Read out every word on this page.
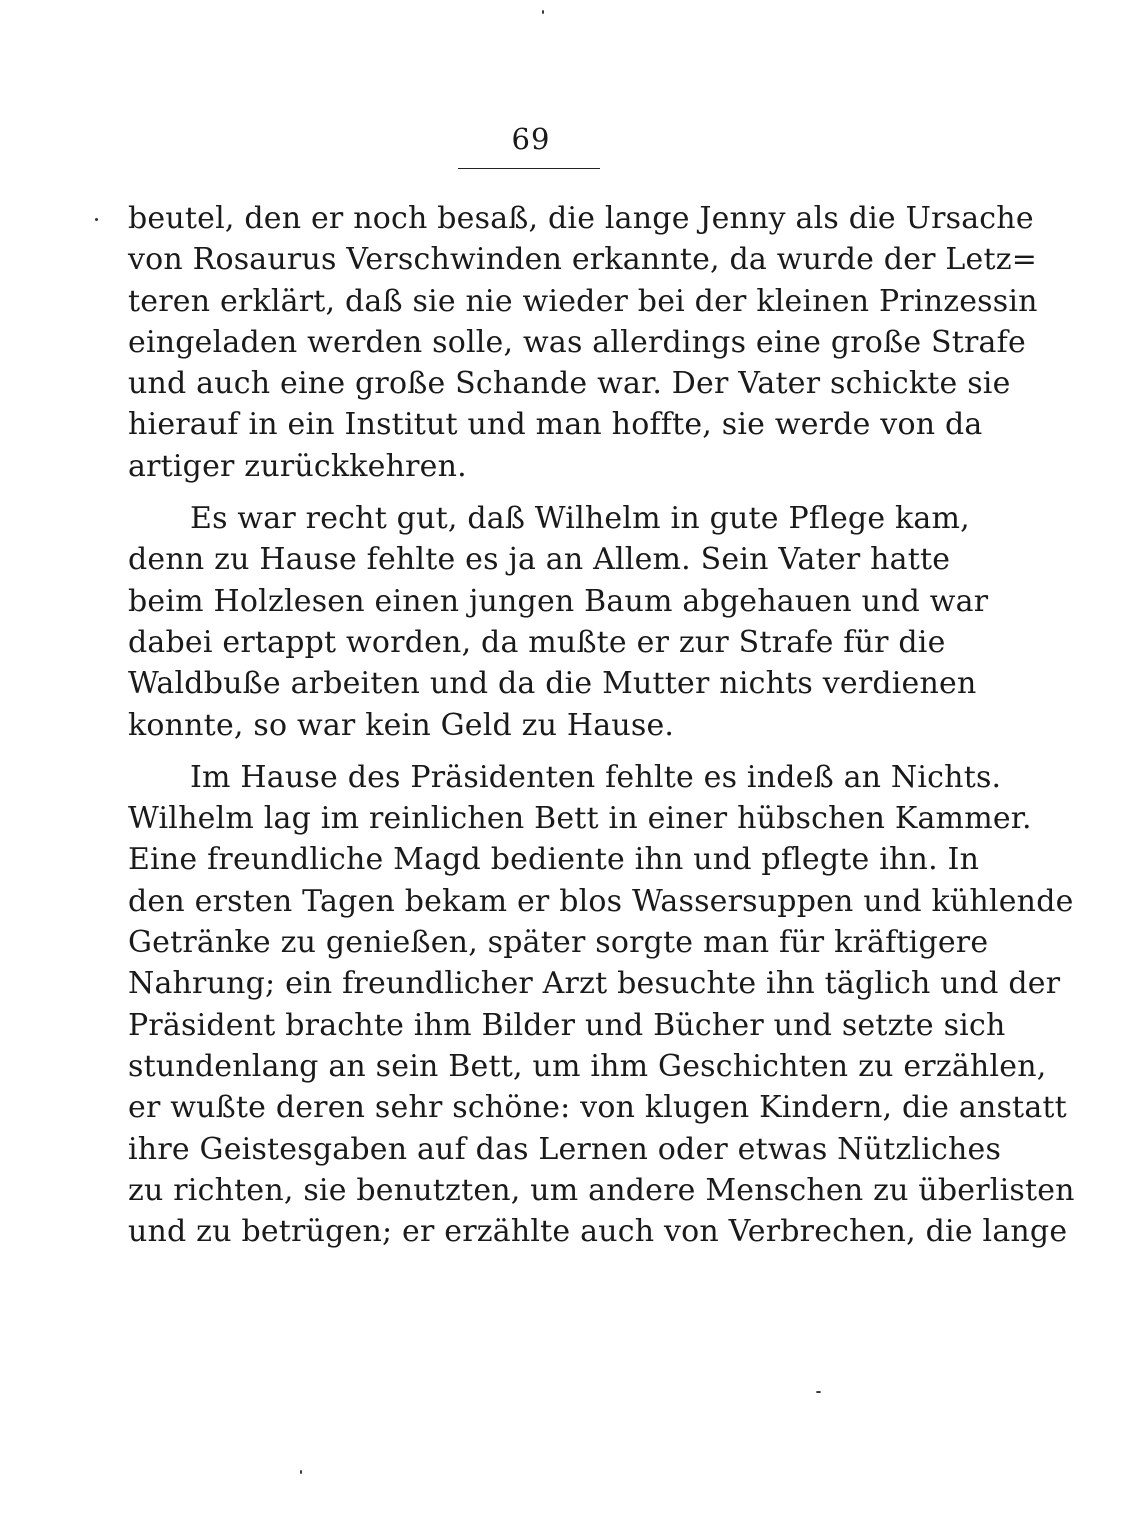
69
beutel, den er noch besaß, die lange Jenny als die Ursache
von Rosaurus Verschwinden erkannte, da wurde der Letz=
teren erklärt, daß sie nie wieder bei der kleinen Prinzessin
eingeladen werden solle, was allerdings eine große Strafe
und auch eine große Schande war. Der Vater schickte sie
hierauf in ein Institut und man hoffte, sie werde von da
artiger zurückkehren.
Es war recht gut, daß Wilhelm in gute Pflege kam,
denn zu Hause fehlte es ja an Allem. Sein Vater hatte
beim Holzlesen einen jungen Baum abgehauen und war
dabei ertappt worden, da mußte er zur Strafe für die
Waldbuße arbeiten und da die Mutter nichts verdienen
konnte, so war kein Geld zu Hause.
Im Hause des Präsidenten fehlte es indeß an Nichts.
Wilhelm lag im reinlichen Bett in einer hübschen Kammer.
Eine freundliche Magd bediente ihn und pflegte ihn. In
den ersten Tagen bekam er blos Wassersuppen und kühlende
Getränke zu genießen, später sorgte man für kräftigere
Nahrung; ein freundlicher Arzt besuchte ihn täglich und der
Präsident brachte ihm Bilder und Bücher und setzte sich
stundenlang an sein Bett, um ihm Geschichten zu erzählen,
er wußte deren sehr schöne: von klugen Kindern, die anstatt
ihre Geistesgaben auf das Lernen oder etwas Nützliches
zu richten, sie benutzten, um andere Menschen zu überlisten
und zu betrügen; er erzählte auch von Verbrechen, die lange
